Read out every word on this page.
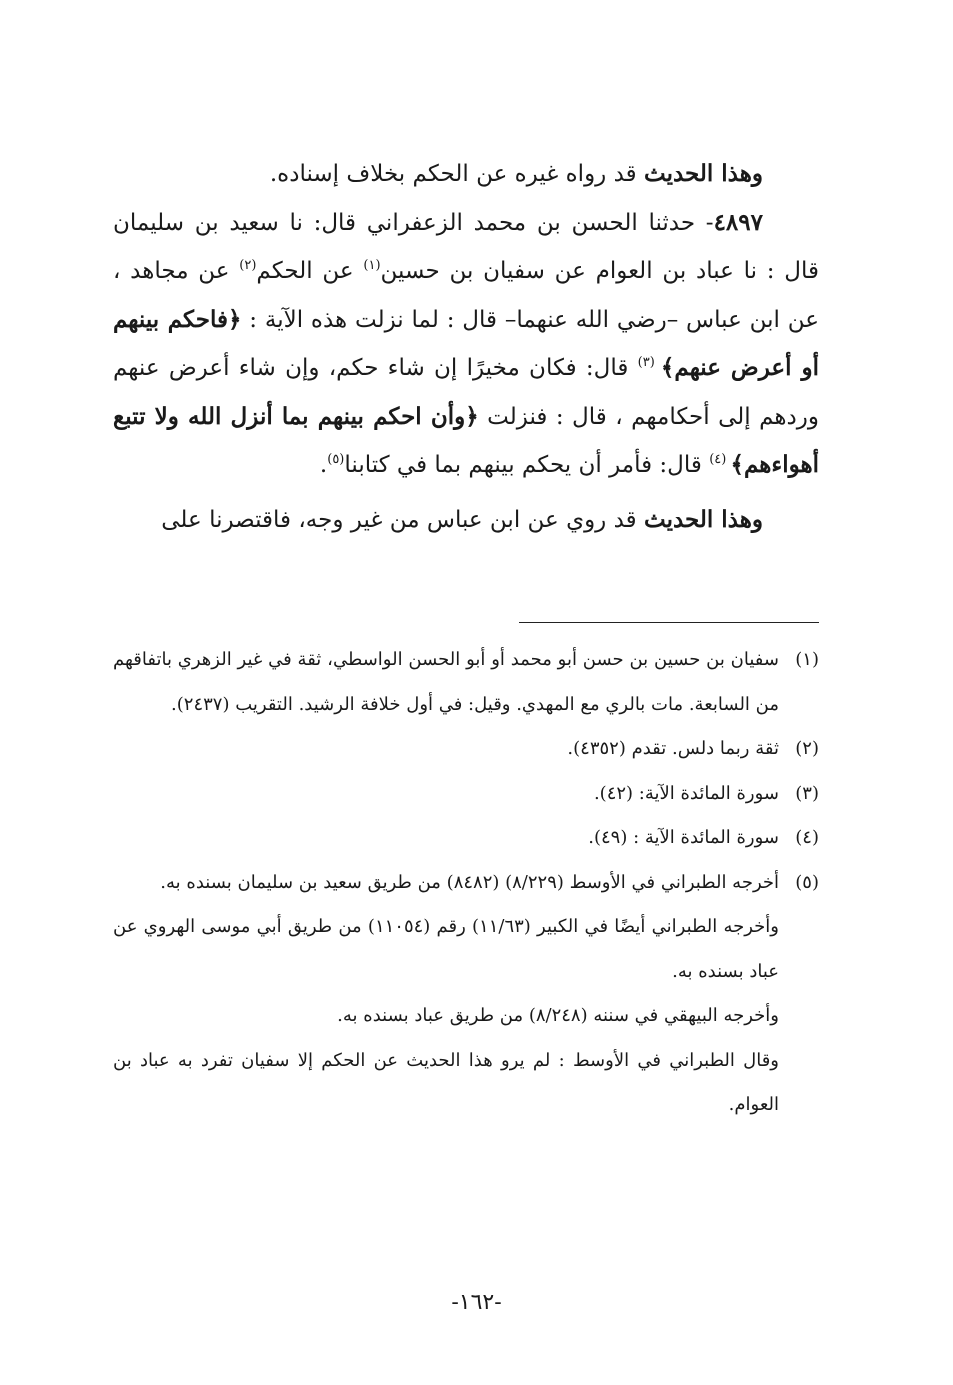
وهذا الحديث قد رواه غيره عن الحكم بخلاف إسناده.

٤٨٩٧- حدثنا الحسن بن محمد الزعفراني قال: نا سعيد بن سليمان قال : نا عباد بن العوام عن سفيان بن حسين$^{(١)}$ عن الحكم$^{(٢)}$ عن مجاهد ، عن ابن عباس –رضي الله عنهما– قال : لما نزلت هذه الآية : ﴿فاحكم بينهم أو أعرض عنهم﴾ $^{(٣)}$ قال: فكان مخيرًا إن شاء حكم، وإن شاء أعرض عنهم وردهم إلى أحكامهم ، قال : فنزلت ﴿وأن احكم بينهم بما أنزل الله ولا تتبع أهواءهم﴾ $^{(٤)}$ قال: فأمر أن يحكم بينهم بما في كتابنا$^{(٥)}$.

وهذا الحديث قد روي عن ابن عباس من غير وجه، فاقتصرنا على

(١)
سفيان بن حسين بن حسن أبو محمد أو أبو الحسن الواسطي، ثقة في غير الزهري باتفاقهم من السابعة. مات بالري مع المهدي. وقيل: في أول خلافة الرشيد. التقريب (٢٤٣٧).
(٢)
ثقة ربما دلس. تقدم (٤٣٥٢).
(٣)
سورة المائدة الآية: (٤٢).
(٤)
سورة المائدة الآية : (٤٩).
(٥)
أخرجه الطبراني في الأوسط (٨/٢٢٩) (٨٤٨٢) من طريق سعيد بن سليمان بسنده به.

وأخرجه الطبراني أيضًا في الكبير (١١/٦٣) رقم (١١٠٥٤) من طريق أبي موسى الهروي عن عباد بسنده به.

وأخرجه البيهقي في سننه (٨/٢٤٨) من طريق عباد بسنده به.

وقال الطبراني في الأوسط : لم يرو هذا الحديث عن الحكم إلا سفيان تفرد به عباد بن العوام.

-١٦٢-
